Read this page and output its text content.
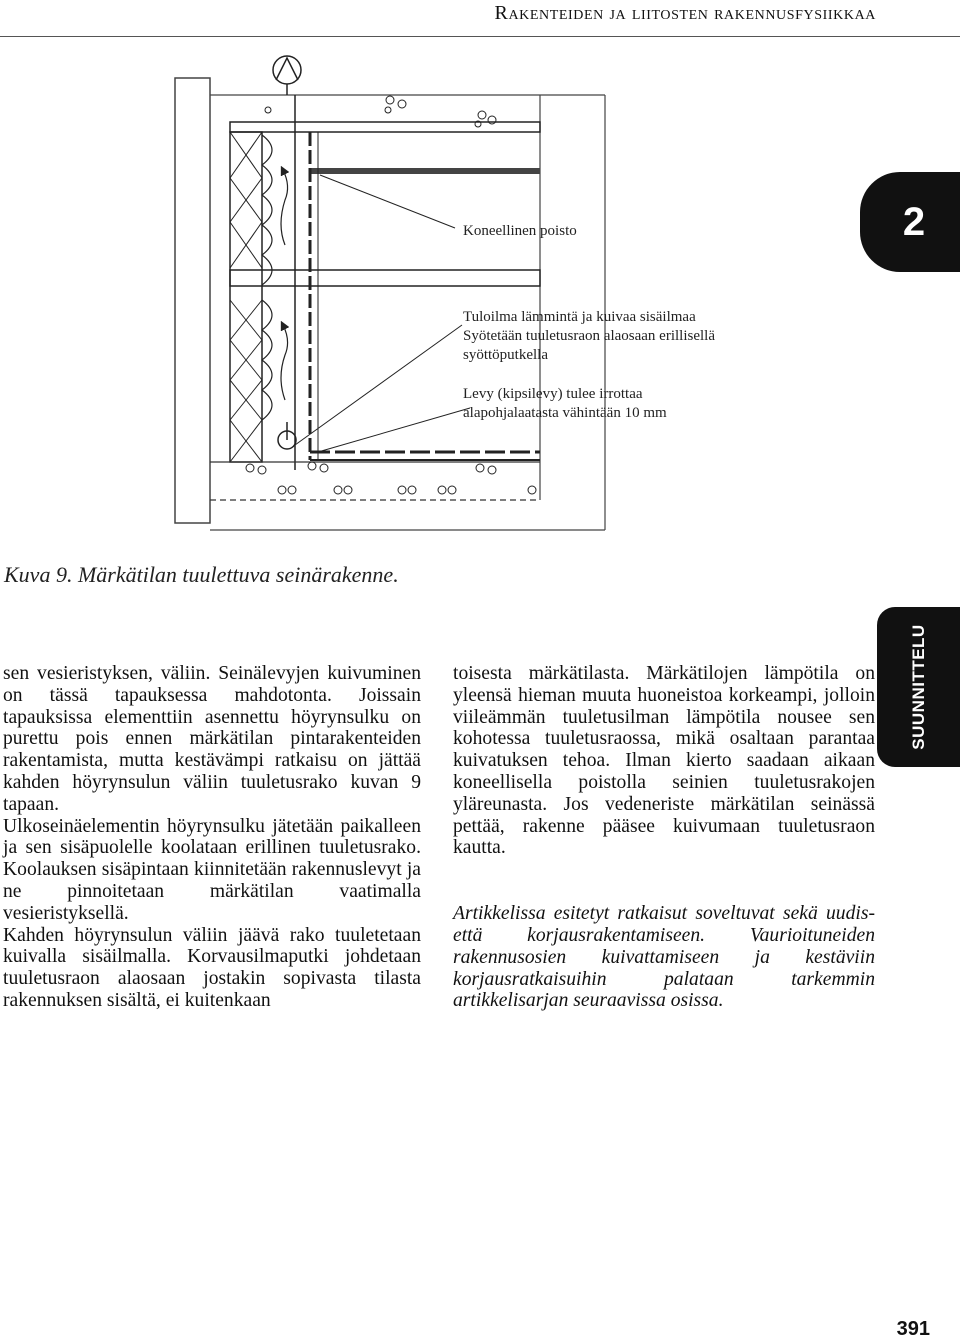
Rakenteiden ja liitosten rakennusfysiikkaa
2
SUUNNITTELU
Koneellinen poisto
Tuloilma lämmintä ja kuivaa sisäilmaa
Syötetään tuuletusraon alaosaan erillisellä
syöttöputkella
Levy (kipsilevy) tulee irrottaa
alapohjalaatasta vähintään 10 mm
Kuva 9. Märkätilan tuulettuva seinärakenne.

sen vesieristyksen, väliin. Seinälevyjen kuivuminen on tässä tapauksessa mahdotonta. Joissain tapauksissa elementtiin asennettu höyrynsulku on purettu pois ennen märkätilan pintarakenteiden rakentamista, mutta kestävämpi ratkaisu on jättää kahden höyrynsulun väliin tuuletusrako kuvan 9 tapaan.

Ulkoseinäelementin höyrynsulku jätetään paikalleen ja sen sisäpuolelle koolataan erillinen tuuletusrako. Koolauksen sisäpintaan kiinnitetään rakennuslevyt ja ne pinnoitetaan märkätilan vaatimalla vesieristyksellä.

Kahden höyrynsulun väliin jäävä rako tuuletetaan kuivalla sisäilmalla. Korvausilmaputki johdetaan tuuletusraon alaosaan jostakin sopivasta tilasta rakennuksen sisältä, ei kuitenkaan

toisesta märkätilasta. Märkätilojen lämpötila on yleensä hieman muuta huoneistoa korkeampi, jolloin viileämmän tuuletusilman lämpötila nousee sen kohotessa tuuletusraossa, mikä osaltaan parantaa kuivatuksen tehoa. Ilman kierto saadaan aikaan koneellisella poistolla seinien tuuletusrakojen yläreunasta. Jos vedeneriste märkätilan seinässä pettää, rakenne pääsee kuivumaan tuuletusraon kautta.

Artikkelissa esitetyt ratkaisut soveltuvat sekä uudis- että korjausrakentamiseen. Vaurioituneiden rakennusosien kuivattamiseen ja kestäviin korjausratkaisuihin palataan tarkemmin artikkelisarjan seuraavissa osissa.

391
